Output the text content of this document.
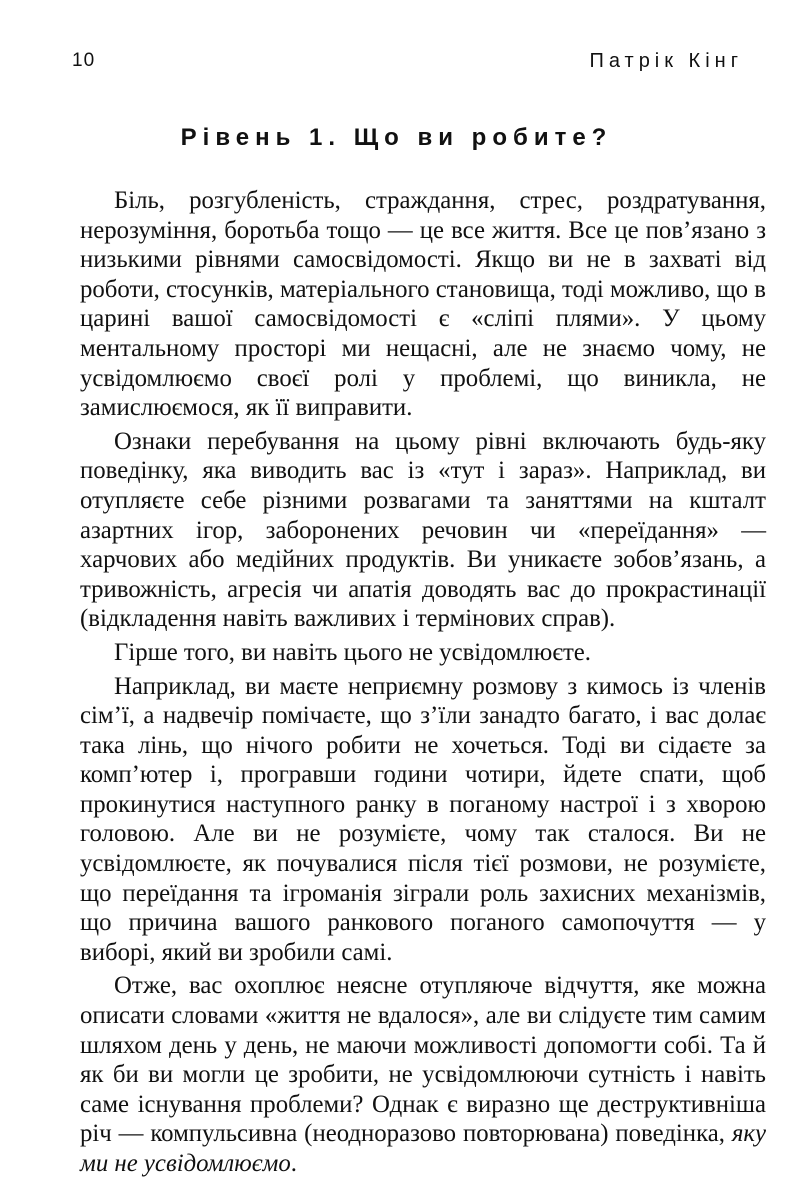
10	Патрік Кінг
Рівень 1. Що ви робите?

Біль, розгубленість, страждання, стрес, роздратування, нерозуміння, боротьба тощо — це все життя. Все це пов’язано з низькими рівнями самосвідомості. Якщо ви не в захваті від роботи, стосунків, матеріального становища, тоді можливо, що в царині вашої самосвідомості є «сліпі плями». У цьому ментальному просторі ми нещасні, але не знаємо чому, не усвідомлюємо своєї ролі у проблемі, що виникла, не замислюємося, як її виправити.

Ознаки перебування на цьому рівні включають будь-яку поведінку, яка виводить вас із «тут і зараз». Наприклад, ви отупляєте себе різними розвагами та заняттями на кшталт азартних ігор, заборонених речовин чи «переїдання» — харчових або медійних продуктів. Ви уникаєте зобов’язань, а тривожність, агресія чи апатія доводять вас до прокрастинації (відкладення навіть важливих і термінових справ).

Гірше того, ви навіть цього не усвідомлюєте.

Наприклад, ви маєте неприємну розмову з кимось із членів сім’ї, а надвечір помічаєте, що з’їли занадто багато, і вас долає така лінь, що нічого робити не хочеться. Тоді ви сідаєте за комп’ютер і, програвши години чотири, йдете спати, щоб прокинутися наступного ранку в поганому настрої і з хворою головою. Але ви не розумієте, чому так сталося. Ви не усвідомлюєте, як почувалися після тієї розмови, не розумієте, що переїдання та ігроманія зіграли роль захисних механізмів, що причина вашого ранкового поганого самопочуття — у виборі, який ви зробили самі.

Отже, вас охоплює неясне отупляюче відчуття, яке можна описати словами «життя не вдалося», але ви слідуєте тим самим шляхом день у день, не маючи можливості допомогти собі. Та й як би ви могли це зробити, не усвідомлюючи сутність і навіть саме існування проблеми? Однак є виразно ще деструктивніша річ — компульсивна (неодноразово повторювана) поведінка, яку ми не усвідомлюємо.
